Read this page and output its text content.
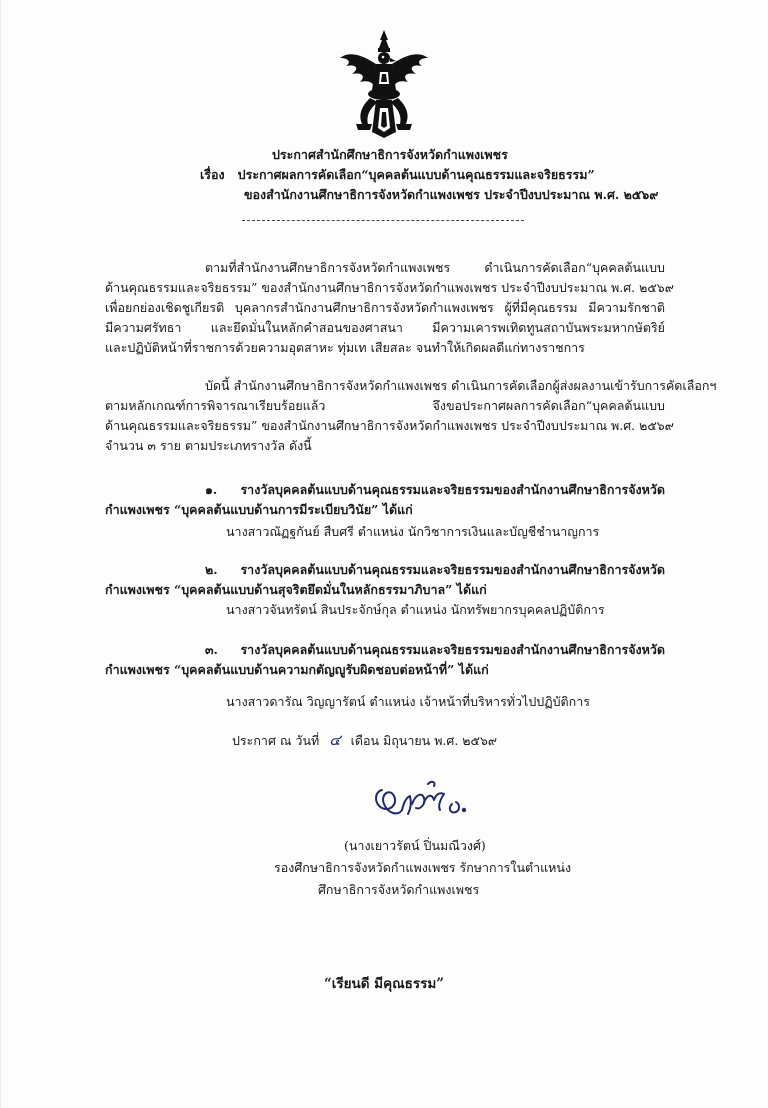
ประกาศสำนักศึกษาธิการจังหวัดกำแพงเพชร
เรื่อง ประกาศผลการคัดเลือก“บุคคลต้นแบบด้านคุณธรรมและจริยธรรม”
ของสำนักงานศึกษาธิการจังหวัดกำแพงเพชร ประจำปีงบประมาณ พ.ศ. ๒๕๖๙
ตามที่สำนักงานศึกษาธิการจังหวัดกำแพงเพชร ดำเนินการคัดเลือก“บุคคลต้นแบบ
ด้านคุณธรรมและจริยธรรม” ของสำนักงานศึกษาธิการจังหวัดกำแพงเพชร ประจำปีงบประมาณ พ.ศ. ๒๕๖๙
เพื่อยกย่องเชิดชูเกียรติ บุคลากรสำนักงานศึกษาธิการจังหวัดกำแพงเพชร ผู้ที่มีคุณธรรม มีความรักชาติ
มีความศรัทธา และยึดมั่นในหลักคำสอนของศาสนา มีความเคารพเทิดทูนสถาบันพระมหากษัตริย์
และปฏิบัติหน้าที่ราชการด้วยความอุตสาหะ ทุ่มเท เสียสละ จนทำให้เกิดผลดีแก่ทางราชการ
บัดนี้ สำนักงานศึกษาธิการจังหวัดกำแพงเพชร ดำเนินการคัดเลือกผู้ส่งผลงานเข้ารับการคัดเลือกฯ
ตามหลักเกณฑ์การพิจารณาเรียบร้อยแล้ว จึงขอประกาศผลการคัดเลือก“บุคคลต้นแบบ
ด้านคุณธรรมและจริยธรรม” ของสำนักงานศึกษาธิการจังหวัดกำแพงเพชร ประจำปีงบประมาณ พ.ศ. ๒๕๖๙
จำนวน ๓ ราย ตามประเภทรางวัล ดังนี้
๑. รางวัลบุคคลต้นแบบด้านคุณธรรมและจริยธรรมของสำนักงานศึกษาธิการจังหวัด
กำแพงเพชร “บุคคลต้นแบบด้านการมีระเบียบวินัย” ได้แก่
นางสาวณัฏฐกันย์ สืบศรี ตำแหน่ง นักวิชาการเงินและบัญชีชำนาญการ
๒. รางวัลบุคคลต้นแบบด้านคุณธรรมและจริยธรรมของสำนักงานศึกษาธิการจังหวัด
กำแพงเพชร “บุคคลต้นแบบด้านสุจริตยึดมั่นในหลักธรรมาภิบาล” ได้แก่
นางสาวจันทรัตน์ สินประจักษ์กุล ตำแหน่ง นักทรัพยากรบุคคลปฏิบัติการ
๓. รางวัลบุคคลต้นแบบด้านคุณธรรมและจริยธรรมของสำนักงานศึกษาธิการจังหวัด
กำแพงเพชร “บุคคลต้นแบบด้านความกตัญญูรับผิดชอบต่อหน้าที่” ได้แก่
นางสาวดารัณ วิญญารัตน์ ตำแหน่ง เจ้าหน้าที่บริหารทั่วไปปฏิบัติการ
ประกาศ ณ วันที่ ๔ เดือน มิถุนายน พ.ศ. ๒๕๖๙
(นางเยาวรัตน์ ปิ่นมณีวงศ์)
รองศึกษาธิการจังหวัดกำแพงเพชร รักษาการในตำแหน่ง
ศึกษาธิการจังหวัดกำแพงเพชร
“เรียนดี มีคุณธรรม”
